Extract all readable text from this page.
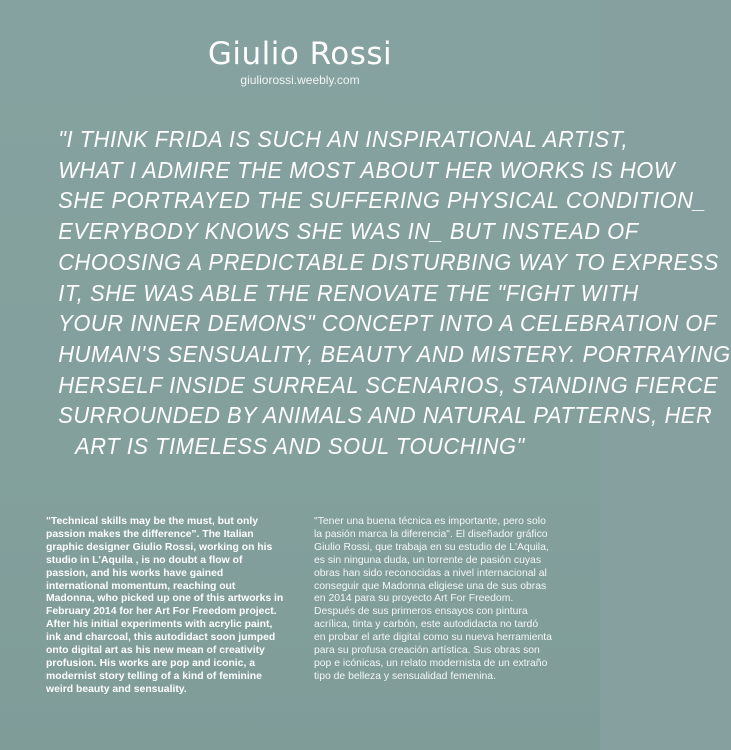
Giulio Rossi
giuliorossi.weebly.com
"I THINK FRIDA IS SUCH AN INSPIRATIONAL ARTIST,
WHAT I ADMIRE THE MOST ABOUT HER WORKS IS HOW
SHE PORTRAYED THE SUFFERING PHYSICAL CONDITION_
EVERYBODY KNOWS SHE WAS IN_ BUT INSTEAD OF
CHOOSING A PREDICTABLE DISTURBING WAY TO EXPRESS
IT, SHE WAS ABLE THE RENOVATE THE "FIGHT WITH
YOUR INNER DEMONS" CONCEPT INTO A CELEBRATION OF
HUMAN'S SENSUALITY, BEAUTY AND MISTERY. PORTRAYING
HERSELF INSIDE SURREAL SCENARIOS, STANDING FIERCE
SURROUNDED BY ANIMALS AND NATURAL PATTERNS, HER
ART IS TIMELESS AND SOUL TOUCHING"

"Technical skills may be the must, but only passion makes the difference". The Italian graphic designer Giulio Rossi, working on his studio in L'Aquila , is no doubt a flow of passion, and his works have gained international momentum, reaching out Madonna, who picked up one of this artworks in February 2014 for her Art For Freedom project.

After his initial experiments with acrylic paint, ink and charcoal, this autodidact soon jumped onto digital art as his new mean of creativity profusion. His works are pop and iconic, a modernist story telling of a kind of feminine weird beauty and sensuality.

"Tener una buena técnica es importante, pero solo la pasión marca la diferencia". El diseñador gráfico Giulio Rossi, que trabaja en su estudio de L'Aquila, es sin ninguna duda, un torrente de pasión cuyas obras han sido reconocidas a nivel internacional al conseguir que Madonna eligiese una de sus obras en 2014 para su proyecto Art For Freedom.

Después de sus primeros ensayos con pintura acrílica, tinta y carbón, este autodidacta no tardó en probar el arte digital como su nueva herramienta para su profusa creación artística. Sus obras son pop e icónicas, un relato modernista de un extraño tipo de belleza y sensualidad femenina.
